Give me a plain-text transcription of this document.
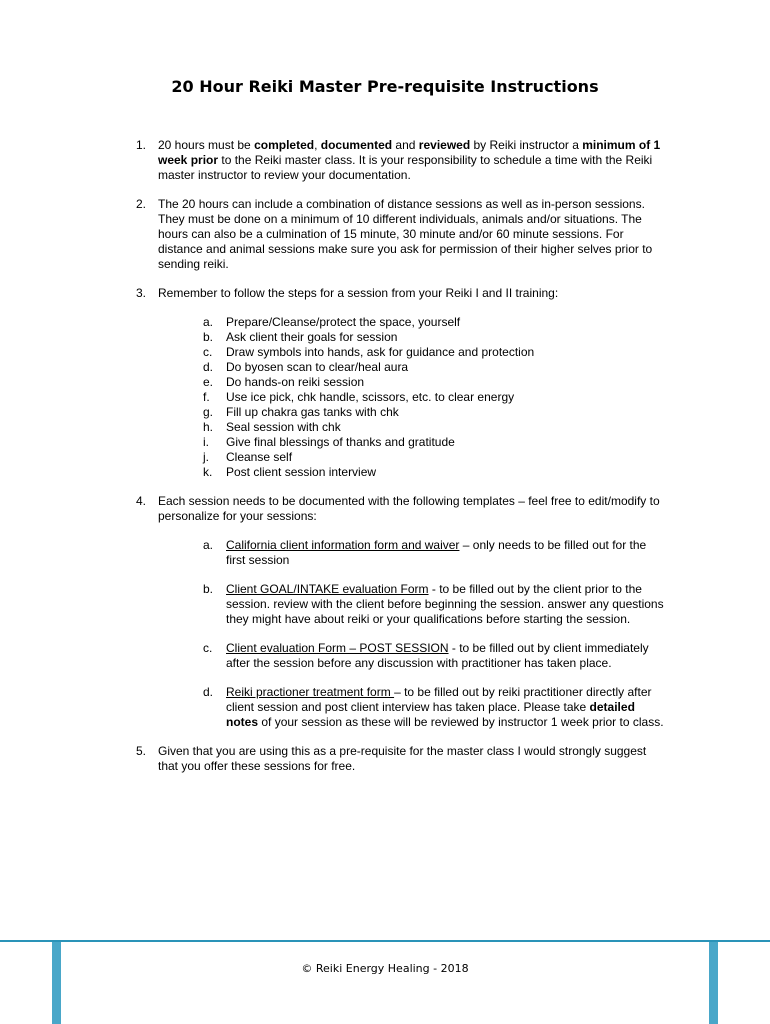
20 Hour Reiki Master Pre-requisite Instructions
1. 20 hours must be completed, documented and reviewed by Reiki instructor a minimum of 1 week prior to the Reiki master class. It is your responsibility to schedule a time with the Reiki master instructor to review your documentation.
2. The 20 hours can include a combination of distance sessions as well as in-person sessions. They must be done on a minimum of 10 different individuals, animals and/or situations. The hours can also be a culmination of 15 minute, 30 minute and/or 60 minute sessions. For distance and animal sessions make sure you ask for permission of their higher selves prior to sending reiki.
3. Remember to follow the steps for a session from your Reiki I and II training:
a. Prepare/Cleanse/protect the space, yourself
b. Ask client their goals for session
c. Draw symbols into hands, ask for guidance and protection
d. Do byosen scan to clear/heal aura
e. Do hands-on reiki session
f. Use ice pick, chk handle, scissors, etc. to clear energy
g. Fill up chakra gas tanks with chk
h. Seal session with chk
i. Give final blessings of thanks and gratitude
j. Cleanse self
k. Post client session interview
4. Each session needs to be documented with the following templates – feel free to edit/modify to personalize for your sessions:
a. California client information form and waiver – only needs to be filled out for the first session
b. Client GOAL/INTAKE evaluation Form - to be filled out by the client prior to the session. review with the client before beginning the session. answer any questions they might have about reiki or your qualifications before starting the session.
c. Client evaluation Form – POST SESSION - to be filled out by client immediately after the session before any discussion with practitioner has taken place.
d. Reiki practioner treatment form – to be filled out by reiki practitioner directly after client session and post client interview has taken place. Please take detailed notes of your session as these will be reviewed by instructor 1 week prior to class.
5. Given that you are using this as a pre-requisite for the master class I would strongly suggest that you offer these sessions for free.
© Reiki Energy Healing - 2018
